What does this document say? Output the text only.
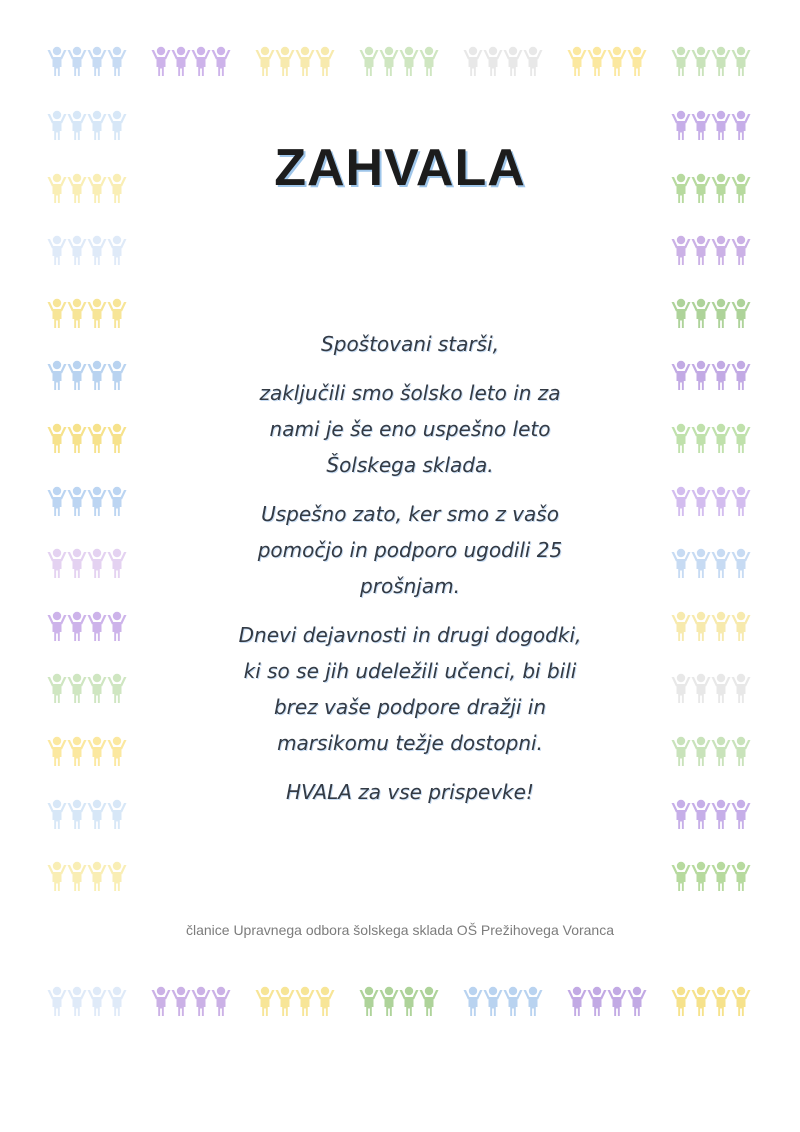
ZAHVALA

Spoštovani starši,

zaključili smo šolsko leto in za
nami je še eno uspešno leto
Šolskega sklada.

Uspešno zato, ker smo z vašo
pomočjo in podporo ugodili 25
prošnjam.

Dnevi dejavnosti in drugi dogodki,
ki so se jih udeležili učenci, bi bili
brez vaše podpore dražji in
marsikomu težje dostopni.

HVALA za vse prispevke!

članice Upravnega odbora šolskega sklada OŠ Prežihovega Voranca
